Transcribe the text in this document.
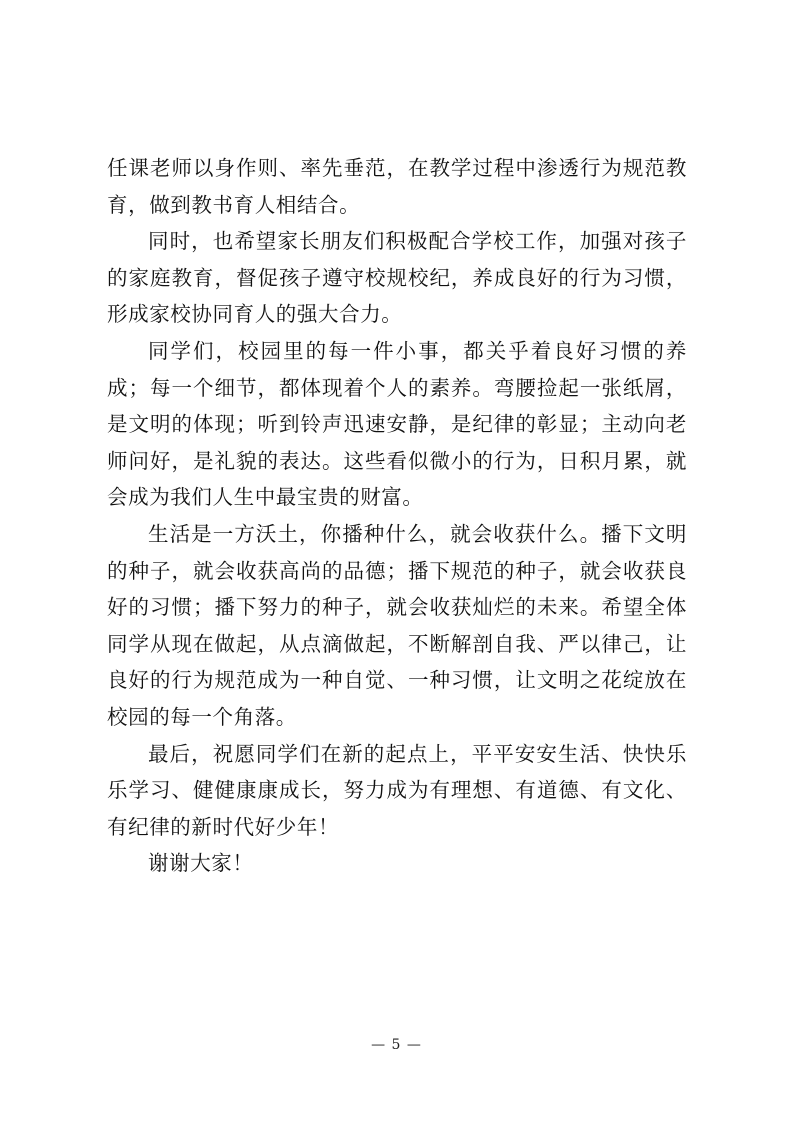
任课老师以身作则、率先垂范，在教学过程中渗透行为规范教育，做到教书育人相结合。

同时，也希望家长朋友们积极配合学校工作，加强对孩子的家庭教育，督促孩子遵守校规校纪，养成良好的行为习惯，形成家校协同育人的强大合力。

同学们，校园里的每一件小事，都关乎着良好习惯的养成；每一个细节，都体现着个人的素养。弯腰捡起一张纸屑，是文明的体现；听到铃声迅速安静，是纪律的彰显；主动向老师问好，是礼貌的表达。这些看似微小的行为，日积月累，就会成为我们人生中最宝贵的财富。

生活是一方沃土，你播种什么，就会收获什么。播下文明的种子，就会收获高尚的品德；播下规范的种子，就会收获良好的习惯；播下努力的种子，就会收获灿烂的未来。希望全体同学从现在做起，从点滴做起，不断解剖自我、严以律己，让良好的行为规范成为一种自觉、一种习惯，让文明之花绽放在校园的每一个角落。

最后，祝愿同学们在新的起点上，平平安安生活、快快乐乐学习、健健康康成长，努力成为有理想、有道德、有文化、有纪律的新时代好少年！

谢谢大家！

— 5 —
